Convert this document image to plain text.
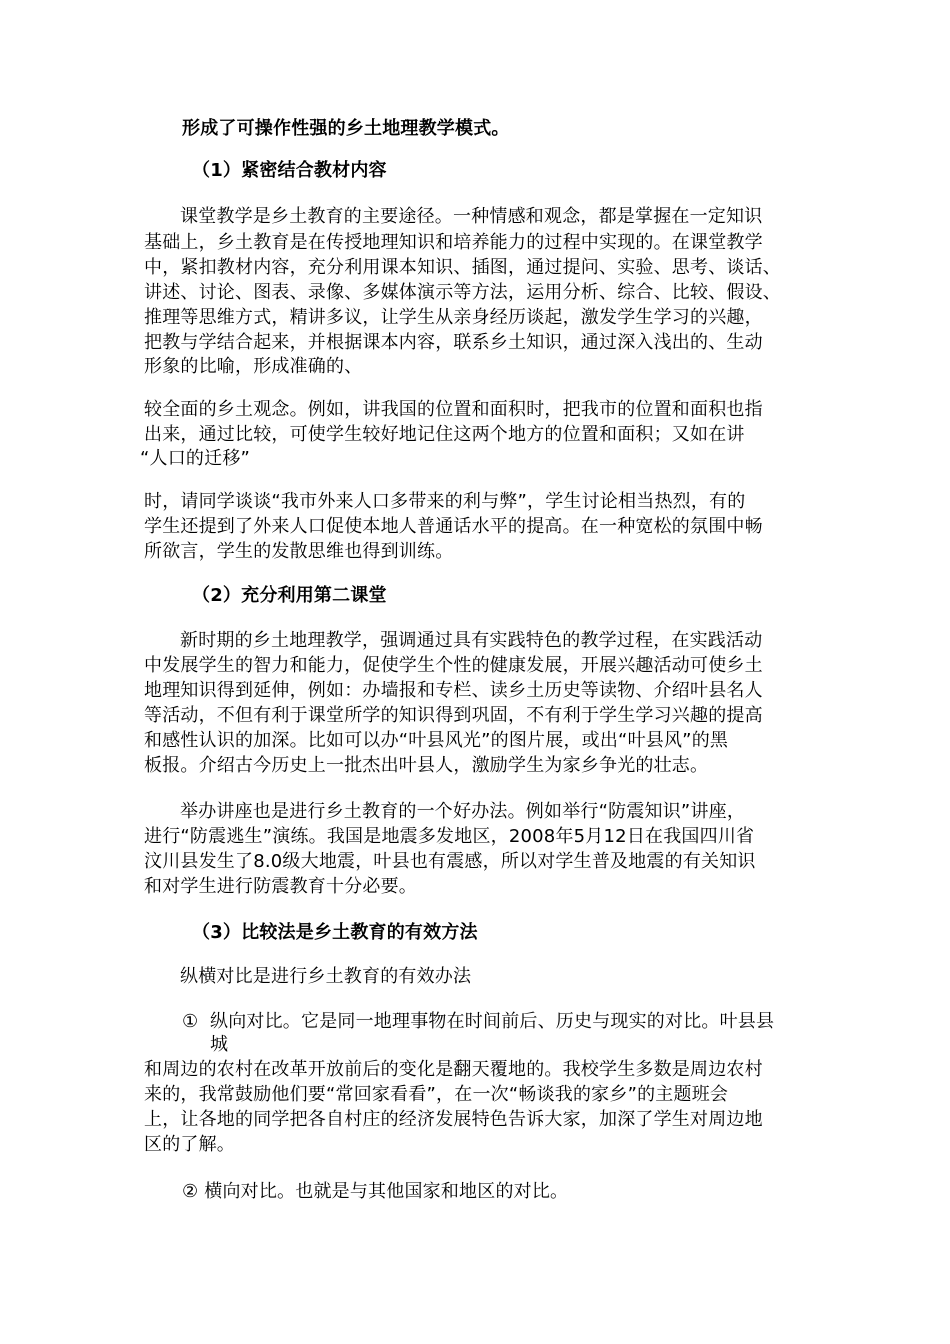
形成了可操作性强的乡土地理教学模式。
（1）紧密结合教材内容
课堂教学是乡土教育的主要途径。一种情感和观念，都是掌握在一定知识
基础上，乡土教育是在传授地理知识和培养能力的过程中实现的。在课堂教学
中，紧扣教材内容，充分利用课本知识、插图，通过提问、实验、思考、谈话、
讲述、讨论、图表、录像、多媒体演示等方法，运用分析、综合、比较、假设、
推理等思维方式，精讲多议，让学生从亲身经历谈起，激发学生学习的兴趣，
把教与学结合起来，并根据课本内容，联系乡土知识，通过深入浅出的、生动
形象的比喻，形成准确的、
较全面的乡土观念。例如，讲我国的位置和面积时，把我市的位置和面积也指
出来，通过比较，可使学生较好地记住这两个地方的位置和面积；又如在讲
“人口的迁移”
时，请同学谈谈“我市外来人口多带来的利与弊”，学生讨论相当热烈，有的
学生还提到了外来人口促使本地人普通话水平的提高。在一种宽松的氛围中畅
所欲言，学生的发散思维也得到训练。
（2）充分利用第二课堂
新时期的乡土地理教学，强调通过具有实践特色的教学过程，在实践活动
中发展学生的智力和能力，促使学生个性的健康发展，开展兴趣活动可使乡土
地理知识得到延伸，例如：办墙报和专栏、读乡土历史等读物、介绍叶县名人
等活动，不但有利于课堂所学的知识得到巩固，不有利于学生学习兴趣的提高
和感性认识的加深。比如可以办“叶县风光”的图片展，或出“叶县风”的黑
板报。介绍古今历史上一批杰出叶县人，激励学生为家乡争光的壮志。
举办讲座也是进行乡土教育的一个好办法。例如举行“防震知识”讲座，
进行“防震逃生”演练。我国是地震多发地区，2008年5月12日在我国四川省
汶川县发生了8.0级大地震，叶县也有震感，所以对学生普及地震的有关知识
和对学生进行防震教育十分必要。
（3）比较法是乡土教育的有效方法
纵横对比是进行乡土教育的有效办法
① 纵向对比。它是同一地理事物在时间前后、历史与现实的对比。叶县县
城
和周边的农村在改革开放前后的变化是翻天覆地的。我校学生多数是周边农村
来的，我常鼓励他们要“常回家看看”，在一次“畅谈我的家乡”的主题班会
上，让各地的同学把各自村庄的经济发展特色告诉大家，加深了学生对周边地
区的了解。
② 横向对比。也就是与其他国家和地区的对比。
